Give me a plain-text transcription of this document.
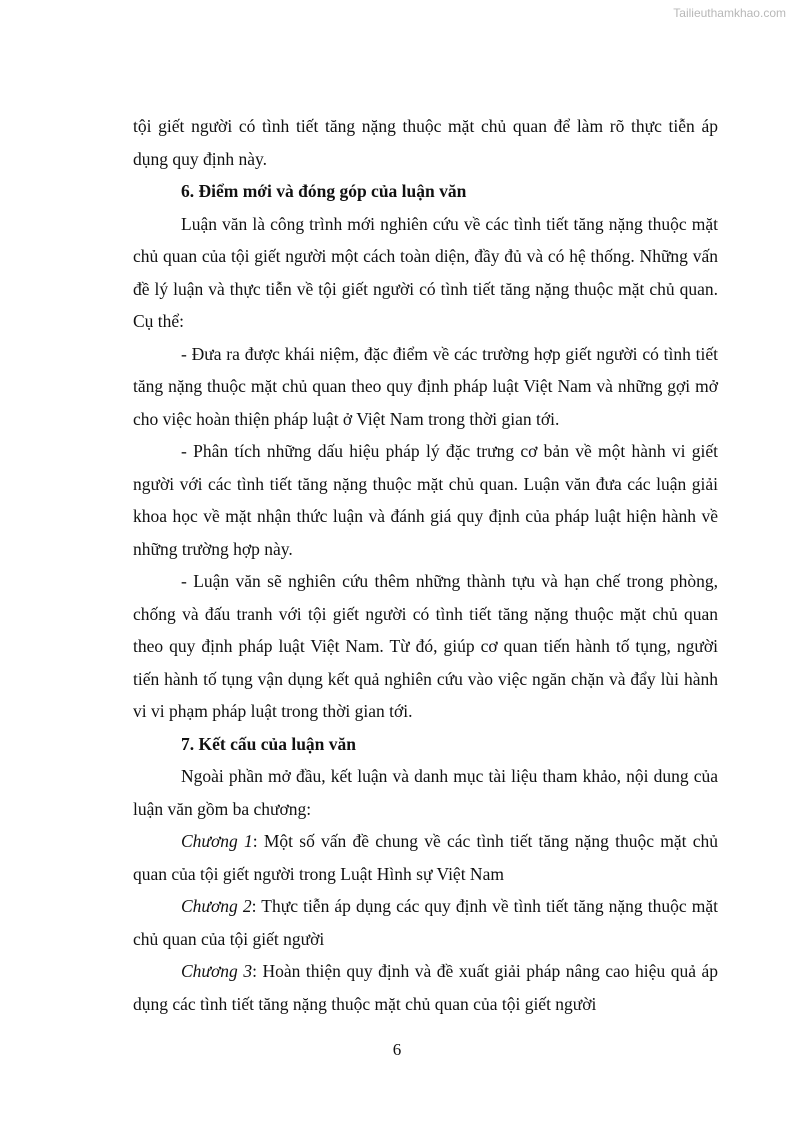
Tailieuthamkhao.com

tội giết người có tình tiết tăng nặng thuộc mặt chủ quan để làm rõ thực tiễn áp dụng quy định này.

6. Điểm mới và đóng góp của luận văn

Luận văn là công trình mới nghiên cứu về các tình tiết tăng nặng thuộc mặt chủ quan của tội giết người một cách toàn diện, đầy đủ và có hệ thống. Những vấn đề lý luận và thực tiễn về tội giết người có tình tiết tăng nặng thuộc mặt chủ quan. Cụ thể:

- Đưa ra được khái niệm, đặc điểm về các trường hợp giết người có tình tiết tăng nặng thuộc mặt chủ quan theo quy định pháp luật Việt Nam và những gợi mở cho việc hoàn thiện pháp luật ở Việt Nam trong thời gian tới.

- Phân tích những dấu hiệu pháp lý đặc trưng cơ bản về một hành vi giết người với các tình tiết tăng nặng thuộc mặt chủ quan. Luận văn đưa các luận giải khoa học về mặt nhận thức luận và đánh giá quy định của pháp luật hiện hành về những trường hợp này.

- Luận văn sẽ nghiên cứu thêm những thành tựu và hạn chế trong phòng, chống và đấu tranh với tội giết người có tình tiết tăng nặng thuộc mặt chủ quan theo quy định pháp luật Việt Nam. Từ đó, giúp cơ quan tiến hành tố tụng, người tiến hành tố tụng vận dụng kết quả nghiên cứu vào việc ngăn chặn và đẩy lùi hành vi vi phạm pháp luật trong thời gian tới.

7. Kết cấu của luận văn

Ngoài phần mở đầu, kết luận và danh mục tài liệu tham khảo, nội dung của luận văn gồm ba chương:

Chương 1: Một số vấn đề chung về các tình tiết tăng nặng thuộc mặt chủ quan của tội giết người trong Luật Hình sự Việt Nam

Chương 2: Thực tiễn áp dụng các quy định về tình tiết tăng nặng thuộc mặt chủ quan của tội giết người

Chương 3: Hoàn thiện quy định và đề xuất giải pháp nâng cao hiệu quả áp dụng các tình tiết tăng nặng thuộc mặt chủ quan của tội giết người

6
